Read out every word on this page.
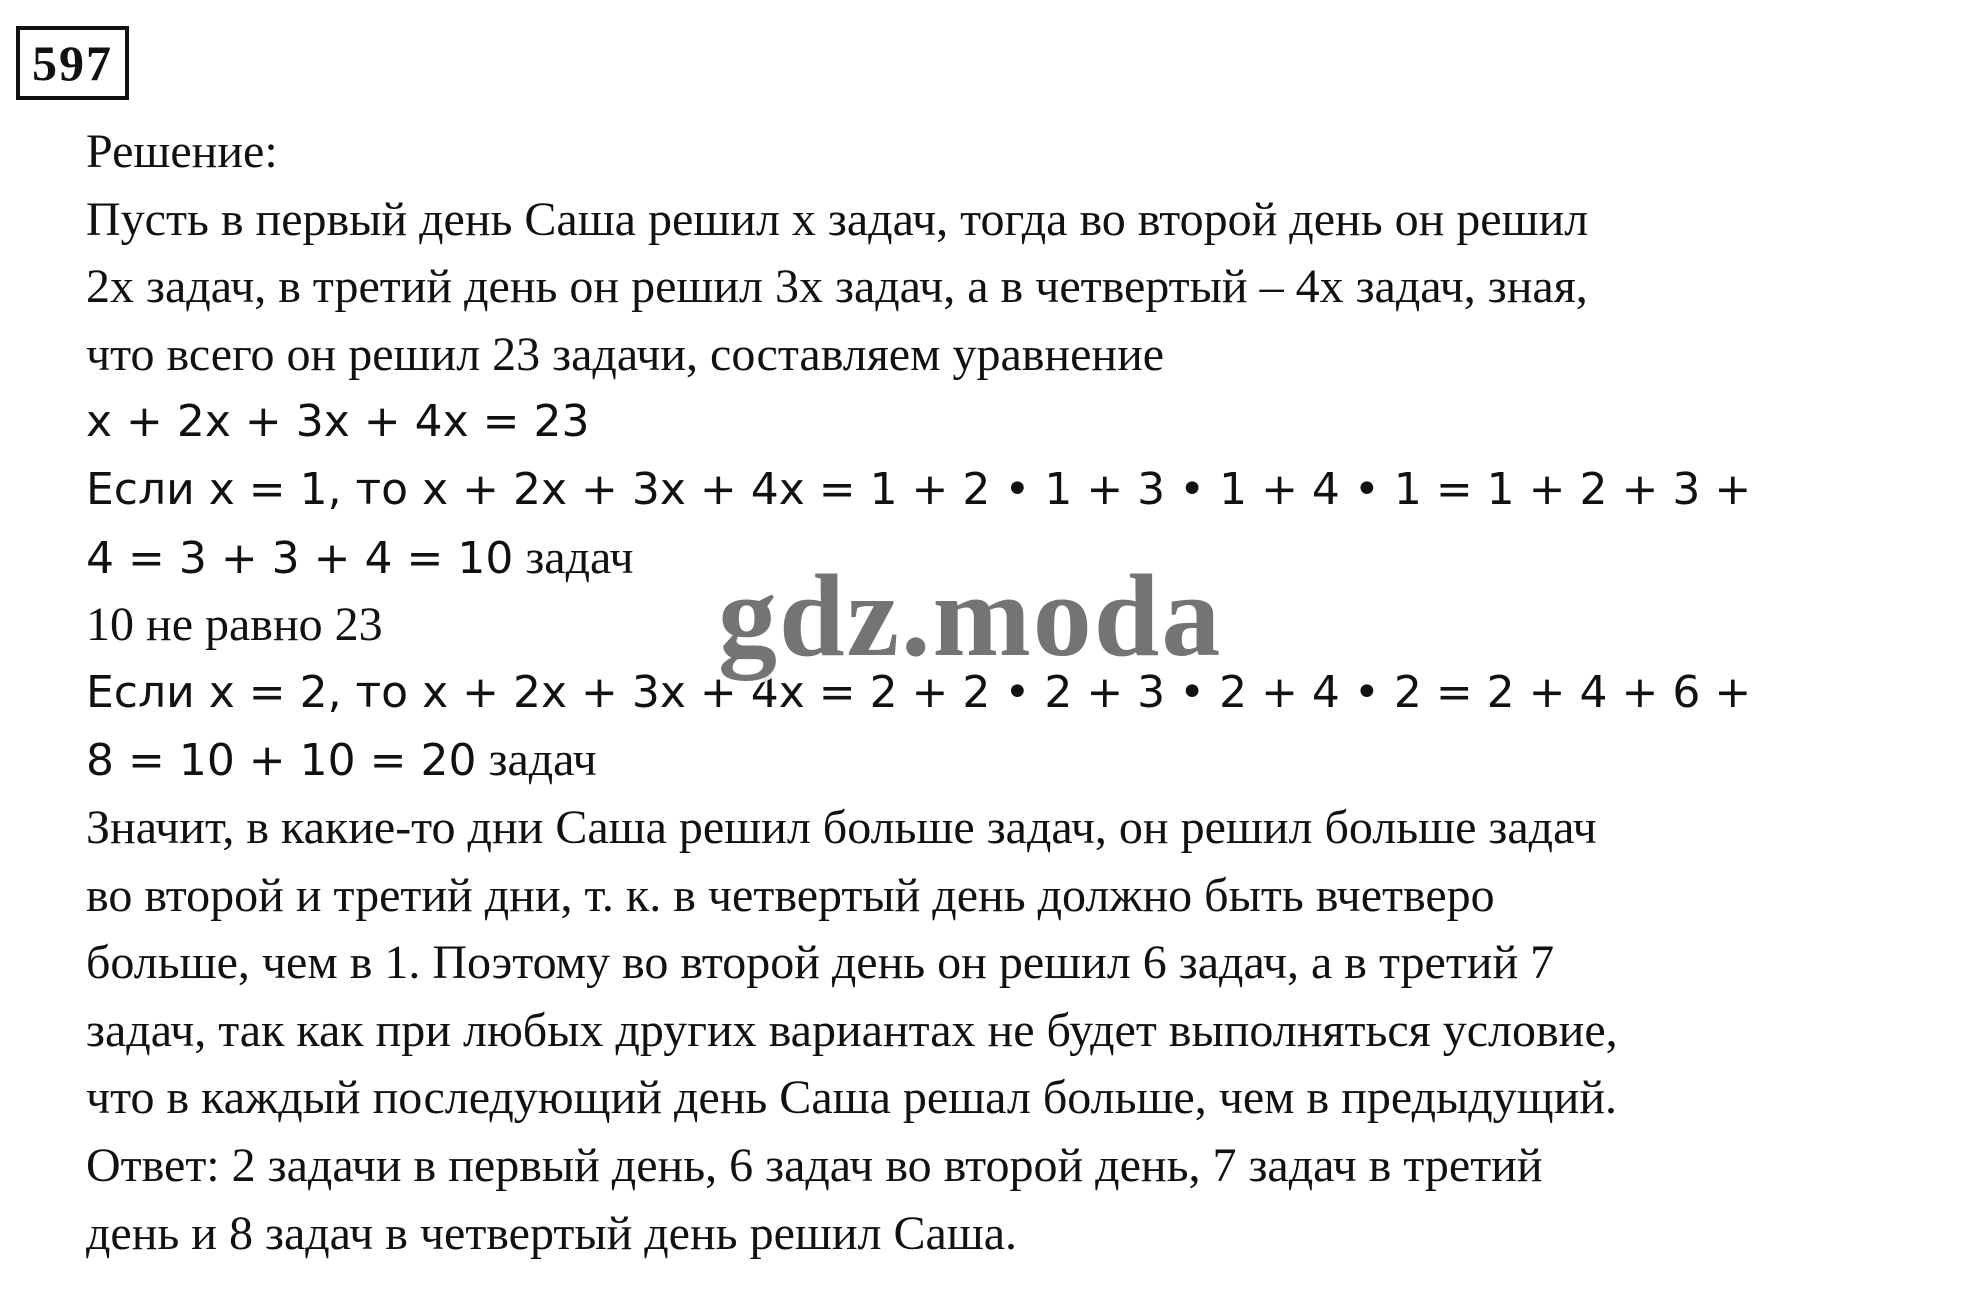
597
Решение:
Пусть в первый день Саша решил х задач, тогда во второй день он решил
2х задач, в третий день он решил 3х задач, а в четвертый – 4х задач, зная,
что всего он решил 23 задачи, составляем уравнение
x + 2x + 3x + 4x = 23
Если x = 1, то x + 2x + 3x + 4x = 1 + 2 • 1 + 3 • 1 + 4 • 1 = 1 + 2 + 3 +
4 = 3 + 3 + 4 = 10 задач
10 не равно 23
Если x = 2, то x + 2x + 3x + 4x = 2 + 2 • 2 + 3 • 2 + 4 • 2 = 2 + 4 + 6 +
8 = 10 + 10 = 20 задач
Значит, в какие-то дни Саша решил больше задач, он решил больше задач
во второй и третий дни, т. к. в четвертый день должно быть вчетверо
больше, чем в 1. Поэтому во второй день он решил 6 задач, а в третий 7
задач, так как при любых других вариантах не будет выполняться условие,
что в каждый последующий день Саша решал больше, чем в предыдущий.
Ответ: 2 задачи в первый день, 6 задач во второй день, 7 задач в третий
день и 8 задач в четвертый день решил Саша.
gdz.moda
